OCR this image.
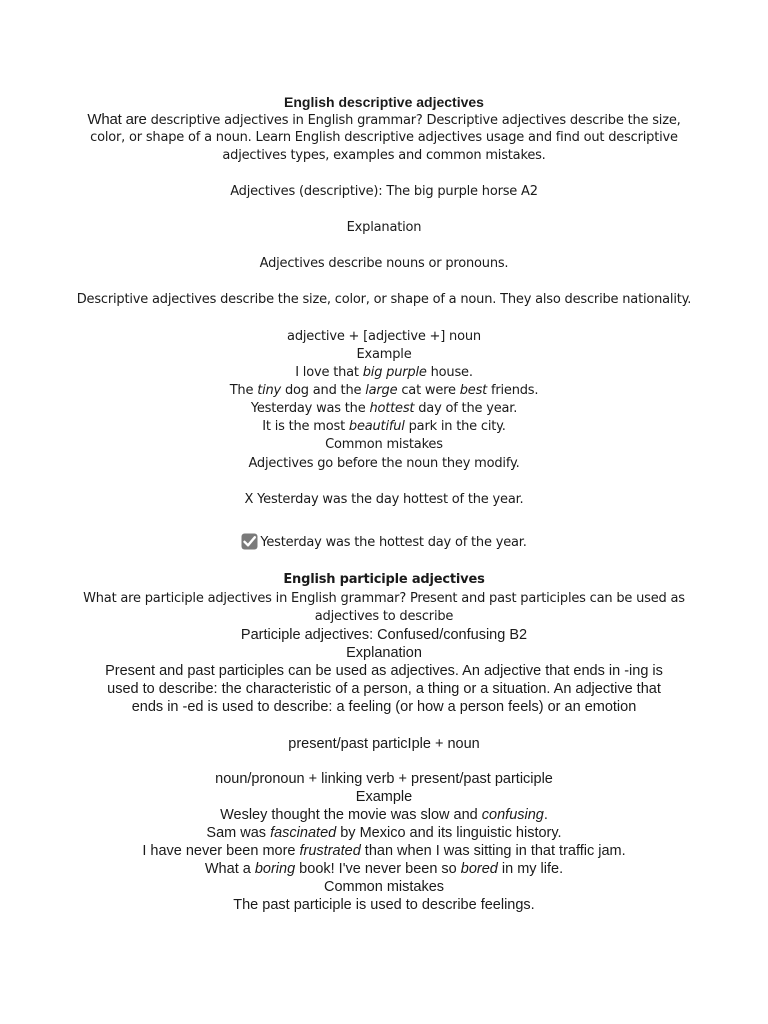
English descriptive adjectives
What are descriptive adjectives in English grammar? Descriptive adjectives describe the size,
color, or shape of a noun. Learn English descriptive adjectives usage and find out descriptive
adjectives types, examples and common mistakes.
Adjectives (descriptive): The big purple horse A2
Explanation
Adjectives describe nouns or pronouns.
Descriptive adjectives describe the size, color, or shape of a noun. They also describe nationality.
adjective + [adjective +] noun
Example
I love that big purple house.
The tiny dog and the large cat were best friends.
Yesterday was the hottest day of the year.
It is the most beautiful park in the city.
Common mistakes
Adjectives go before the noun they modify.
X Yesterday was the day hottest of the year.
Yesterday was the hottest day of the year.
English participle adjectives
What are participle adjectives in English grammar? Present and past participles can be used as
adjectives to describe
Participle adjectives: Confused/confusing B2
Explanation
Present and past participles can be used as adjectives. An adjective that ends in -ing is
used to describe: the characteristic of a person, a thing or a situation. An adjective that
ends in -ed is used to describe: a feeling (or how a person feels) or an emotion
present/past particIple + noun
noun/pronoun + linking verb + present/past participle
Example
Wesley thought the movie was slow and confusing.
Sam was fascinated by Mexico and its linguistic history.
I have never been more frustrated than when I was sitting in that traffic jam.
What a boring book! I've never been so bored in my life.
Common mistakes
The past participle is used to describe feelings.
